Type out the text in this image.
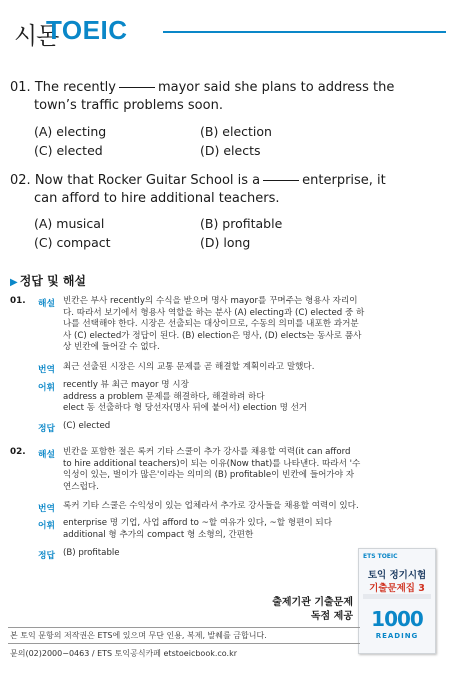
시몬
TOEIC
01. The recently	mayor said she plans to address the
town’s traffic problems soon.
(A) electing	(B) election
(C) elected	(D) elects
02. Now that Rocker Guitar School is a	enterprise, it
can afford to hire additional teachers.
(A) musical	(B) profitable
(C) compact	(D) long
▶ 정답 및 해설
01. 해설 빈칸은 부사 recently의 수식을 받으며 명사 mayor를 꾸며주는 형용사 자리이
다. 따라서 보기에서 형용사 역할을 하는 분사 (A) electing과 (C) elected 중 하
나를 선택해야 한다. 시장은 선출되는 대상이므로, 수동의 의미를 내포한 과거분
사 (C) elected가 정답이 된다. (B) election은 명사, (D) elects는 동사로 품사
상 빈칸에 들어갈 수 없다.
번역 최근 선출된 시장은 시의 교통 문제를 곧 해결할 계획이라고 말했다.
어휘 recently 뷰 최근 mayor 명 시장
address a problem 문제를 해결하다, 해결하려 하다
elect 동 선출하다 형 당선자(명사 뒤에 붙어서) election 명 선거
정답 (C) elected
02. 해설 빈칸을 포함한 절은 록커 기타 스쿨이 추가 강사를 채용할 여력(it can afford
to hire additional teachers)이 되는 이유(Now that)를 나타낸다. 따라서 '수
익성이 있는, 벌이가 많은'이라는 의미의 (B) profitable이 빈칸에 들어가야 자
연스럽다.
번역 록커 기타 스쿨은 수익성이 있는 업체라서 추가로 강사들을 채용할 여력이 있다.
어휘 enterprise 명 기업, 사업 afford to ~할 여유가 있다, ~할 형편이 되다
additional 형 추가의 compact 형 소형의, 간편한
정답 (B) profitable
출제기관 기출문제
독점 제공
ETS TOEIC
토익 정기시험
기출문제집 3
1000
READING
본 토익 문항의 저작권은 ETS에 있으며 무단 인용, 복제, 발췌를 금합니다.
문의(02)2000−0463 / ETS 토익공식카페 etstoeicbook.co.kr
